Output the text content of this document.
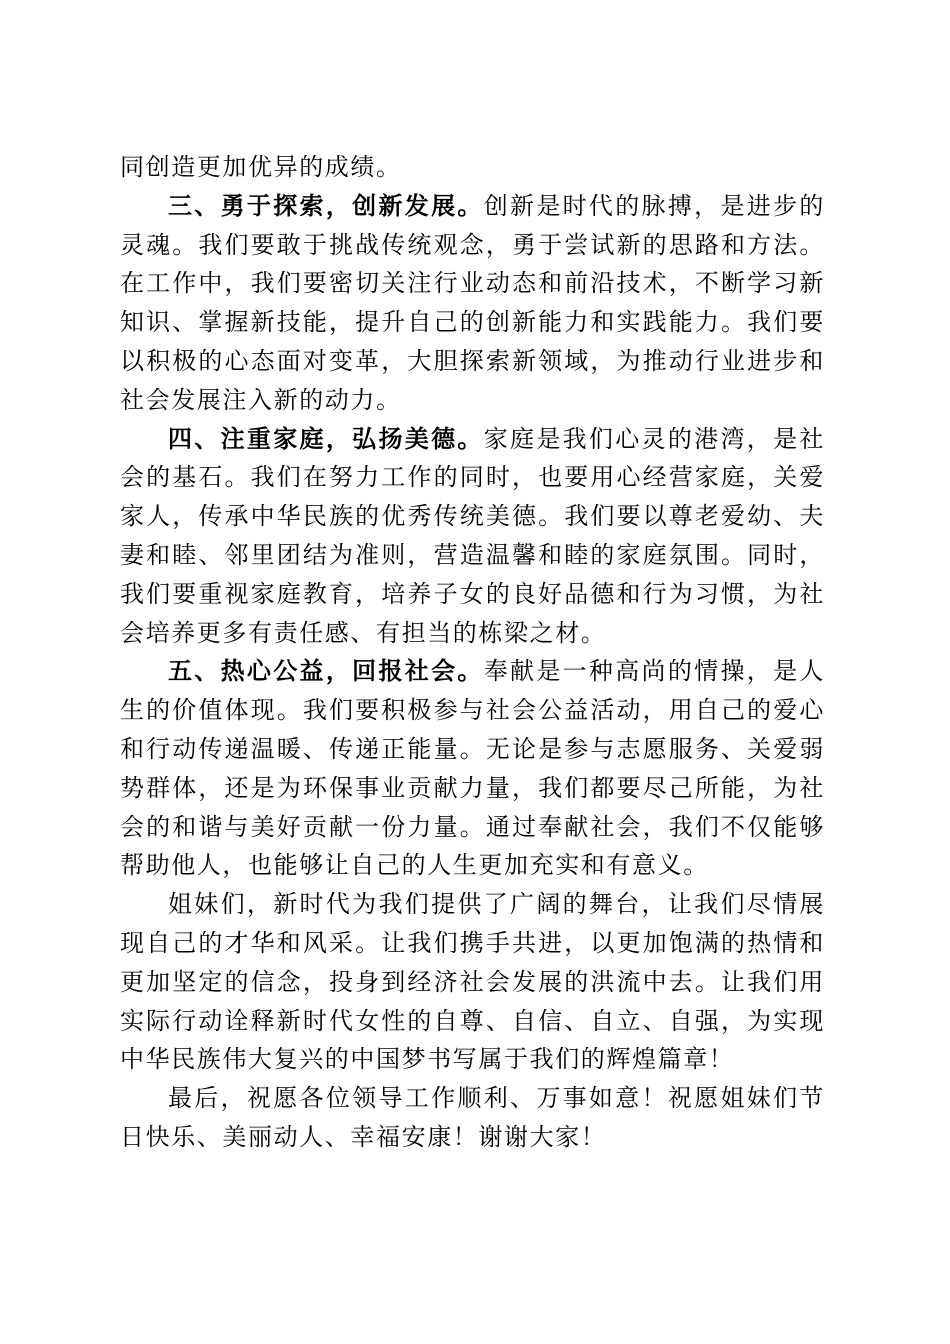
同创造更加优异的成绩。

三、勇于探索，创新发展。创新是时代的脉搏，是进步的灵魂。我们要敢于挑战传统观念，勇于尝试新的思路和方法。在工作中，我们要密切关注行业动态和前沿技术，不断学习新知识、掌握新技能，提升自己的创新能力和实践能力。我们要以积极的心态面对变革，大胆探索新领域，为推动行业进步和社会发展注入新的动力。

四、注重家庭，弘扬美德。家庭是我们心灵的港湾，是社会的基石。我们在努力工作的同时，也要用心经营家庭，关爱家人，传承中华民族的优秀传统美德。我们要以尊老爱幼、夫妻和睦、邻里团结为准则，营造温馨和睦的家庭氛围。同时，我们要重视家庭教育，培养子女的良好品德和行为习惯，为社会培养更多有责任感、有担当的栋梁之材。

五、热心公益，回报社会。奉献是一种高尚的情操，是人生的价值体现。我们要积极参与社会公益活动，用自己的爱心和行动传递温暖、传递正能量。无论是参与志愿服务、关爱弱势群体，还是为环保事业贡献力量，我们都要尽己所能，为社会的和谐与美好贡献一份力量。通过奉献社会，我们不仅能够帮助他人，也能够让自己的人生更加充实和有意义。

姐妹们，新时代为我们提供了广阔的舞台，让我们尽情展现自己的才华和风采。让我们携手共进，以更加饱满的热情和更加坚定的信念，投身到经济社会发展的洪流中去。让我们用实际行动诠释新时代女性的自尊、自信、自立、自强，为实现中华民族伟大复兴的中国梦书写属于我们的辉煌篇章！

最后，祝愿各位领导工作顺利、万事如意！祝愿姐妹们节日快乐、美丽动人、幸福安康！谢谢大家！
